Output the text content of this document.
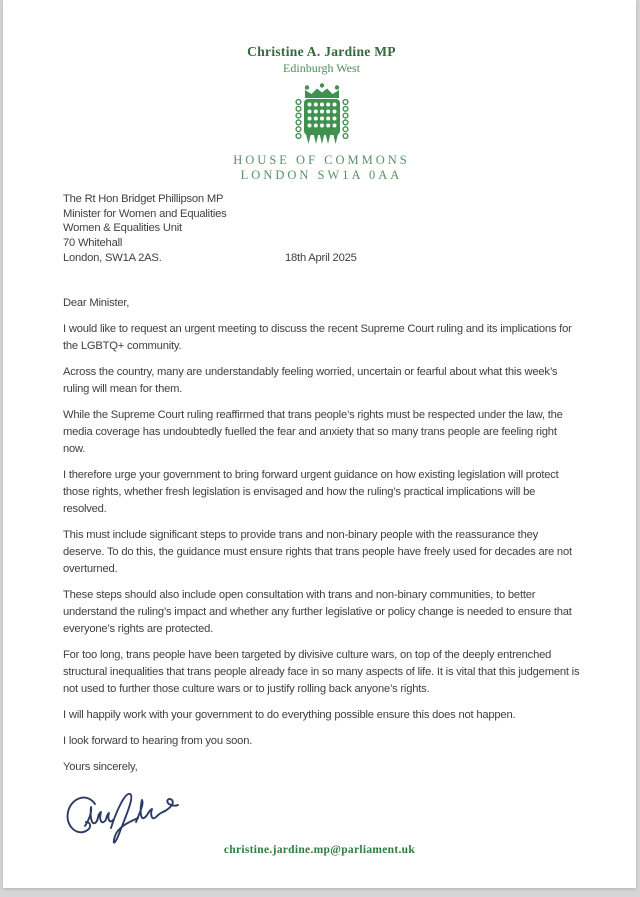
Christine A. Jardine MP

Edinburgh West

HOUSE OF COMMONS

LONDON SW1A 0AA

The Rt Hon Bridget Phillipson MP

Minister for Women and Equalities

Women & Equalities Unit

70 Whitehall

London, SW1A 2AS.	18th April 2025

Dear Minister,

I would like to request an urgent meeting to discuss the recent Supreme Court ruling and its implications for the LGBTQ+ community.

Across the country, many are understandably feeling worried, uncertain or fearful about what this week’s ruling will mean for them.

While the Supreme Court ruling reaffirmed that trans people’s rights must be respected under the law, the media coverage has undoubtedly fuelled the fear and anxiety that so many trans people are feeling right now.

I therefore urge your government to bring forward urgent guidance on how existing legislation will protect those rights, whether fresh legislation is envisaged and how the ruling’s practical implications will be resolved.

This must include significant steps to provide trans and non-binary people with the reassurance they deserve. To do this, the guidance must ensure rights that trans people have freely used for decades are not overturned.

These steps should also include open consultation with trans and non-binary communities, to better understand the ruling’s impact and whether any further legislative or policy change is needed to ensure that everyone’s rights are protected.

For too long, trans people have been targeted by divisive culture wars, on top of the deeply entrenched structural inequalities that trans people already face in so many aspects of life. It is vital that this judgement is not used to further those culture wars or to justify rolling back anyone’s rights.

I will happily work with your government to do everything possible ensure this does not happen.

I look forward to hearing from you soon.

Yours sincerely,

christine.jardine.mp@parliament.uk
